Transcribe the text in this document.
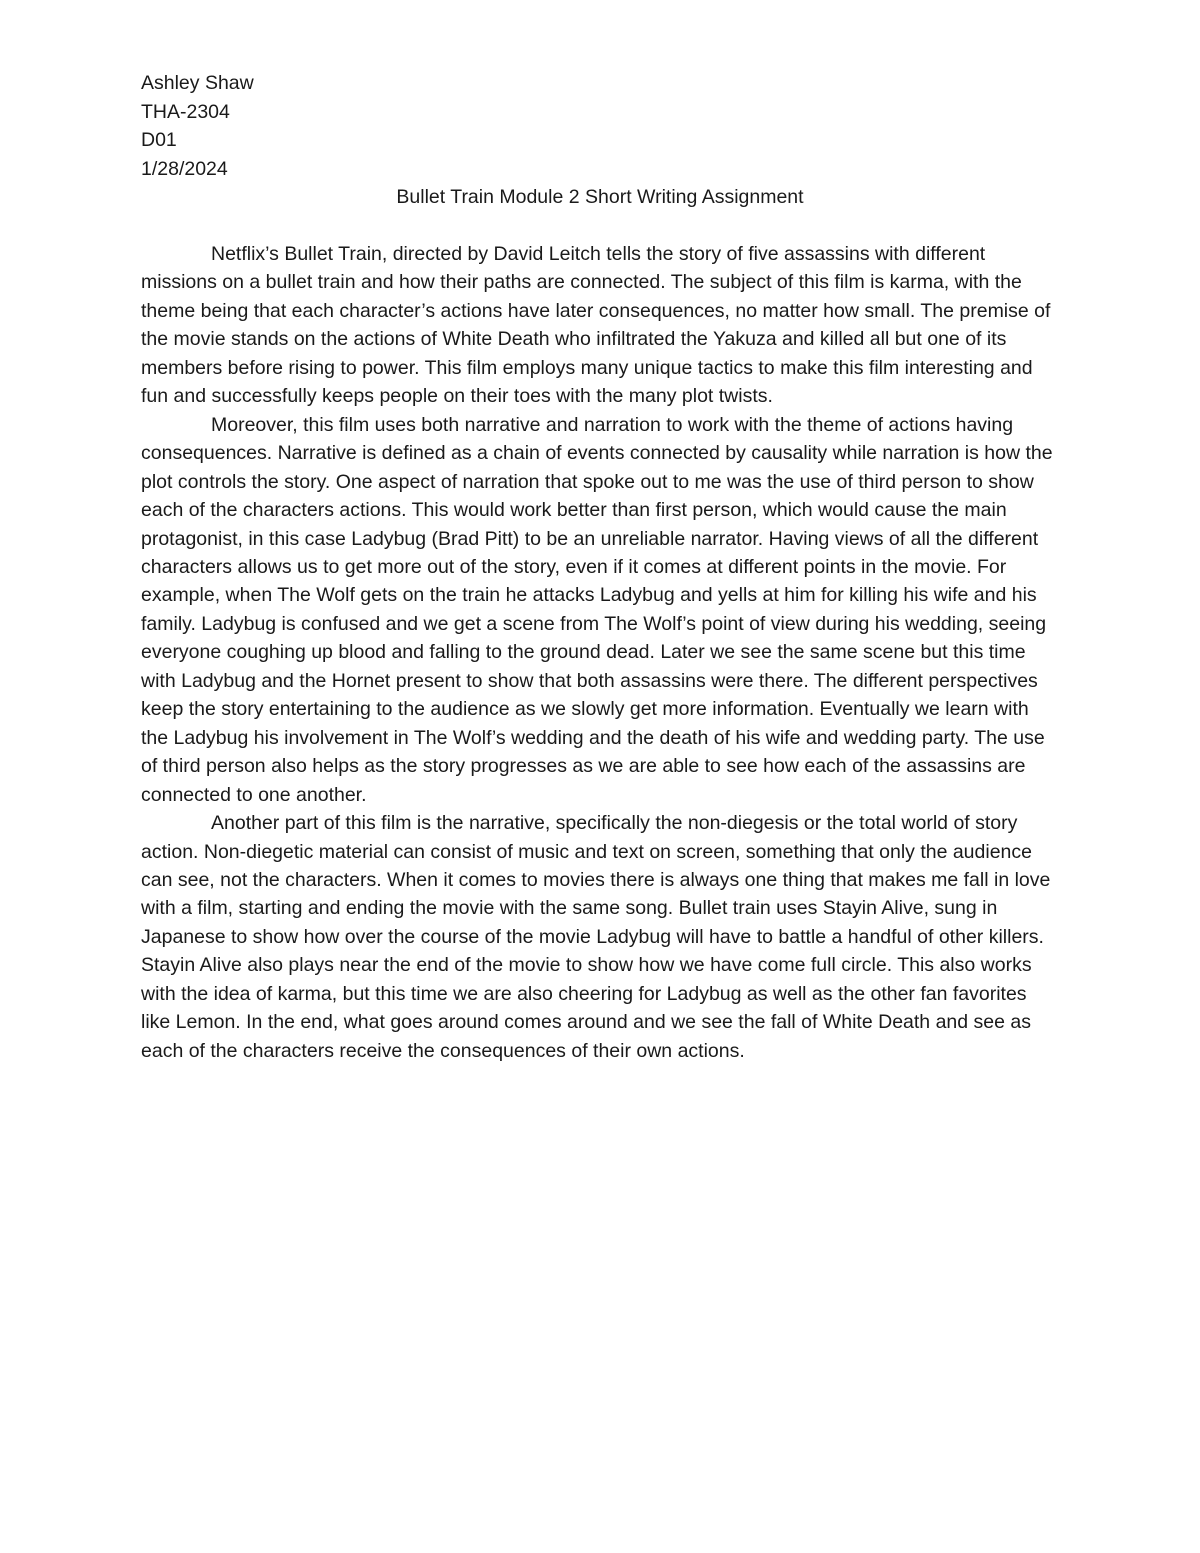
Ashley Shaw
THA-2304
D01
1/28/2024
Bullet Train Module 2 Short Writing Assignment

Netflix’s Bullet Train, directed by David Leitch tells the story of five assassins with different missions on a bullet train and how their paths are connected. The subject of this film is karma, with the theme being that each character’s actions have later consequences, no matter how small. The premise of the movie stands on the actions of White Death who infiltrated the Yakuza and killed all but one of its members before rising to power. This film employs many unique tactics to make this film interesting and fun and successfully keeps people on their toes with the many plot twists.

Moreover, this film uses both narrative and narration to work with the theme of actions having consequences. Narrative is defined as a chain of events connected by causality while narration is how the plot controls the story. One aspect of narration that spoke out to me was the use of third person to show each of the characters actions. This would work better than first person, which would cause the main protagonist, in this case Ladybug (Brad Pitt) to be an unreliable narrator. Having views of all the different characters allows us to get more out of the story, even if it comes at different points in the movie. For example, when The Wolf gets on the train he attacks Ladybug and yells at him for killing his wife and his family. Ladybug is confused and we get a scene from The Wolf’s point of view during his wedding, seeing everyone coughing up blood and falling to the ground dead. Later we see the same scene but this time with Ladybug and the Hornet present to show that both assassins were there. The different perspectives keep the story entertaining to the audience as we slowly get more information. Eventually we learn with the Ladybug his involvement in The Wolf’s wedding and the death of his wife and wedding party. The use of third person also helps as the story progresses as we are able to see how each of the assassins are connected to one another.

Another part of this film is the narrative, specifically the non-diegesis or the total world of story action. Non-diegetic material can consist of music and text on screen, something that only the audience can see, not the characters. When it comes to movies there is always one thing that makes me fall in love with a film, starting and ending the movie with the same song. Bullet train uses Stayin Alive, sung in Japanese to show how over the course of the movie Ladybug will have to battle a handful of other killers. Stayin Alive also plays near the end of the movie to show how we have come full circle. This also works with the idea of karma, but this time we are also cheering for Ladybug as well as the other fan favorites like Lemon. In the end, what goes around comes around and we see the fall of White Death and see as each of the characters receive the consequences of their own actions.
